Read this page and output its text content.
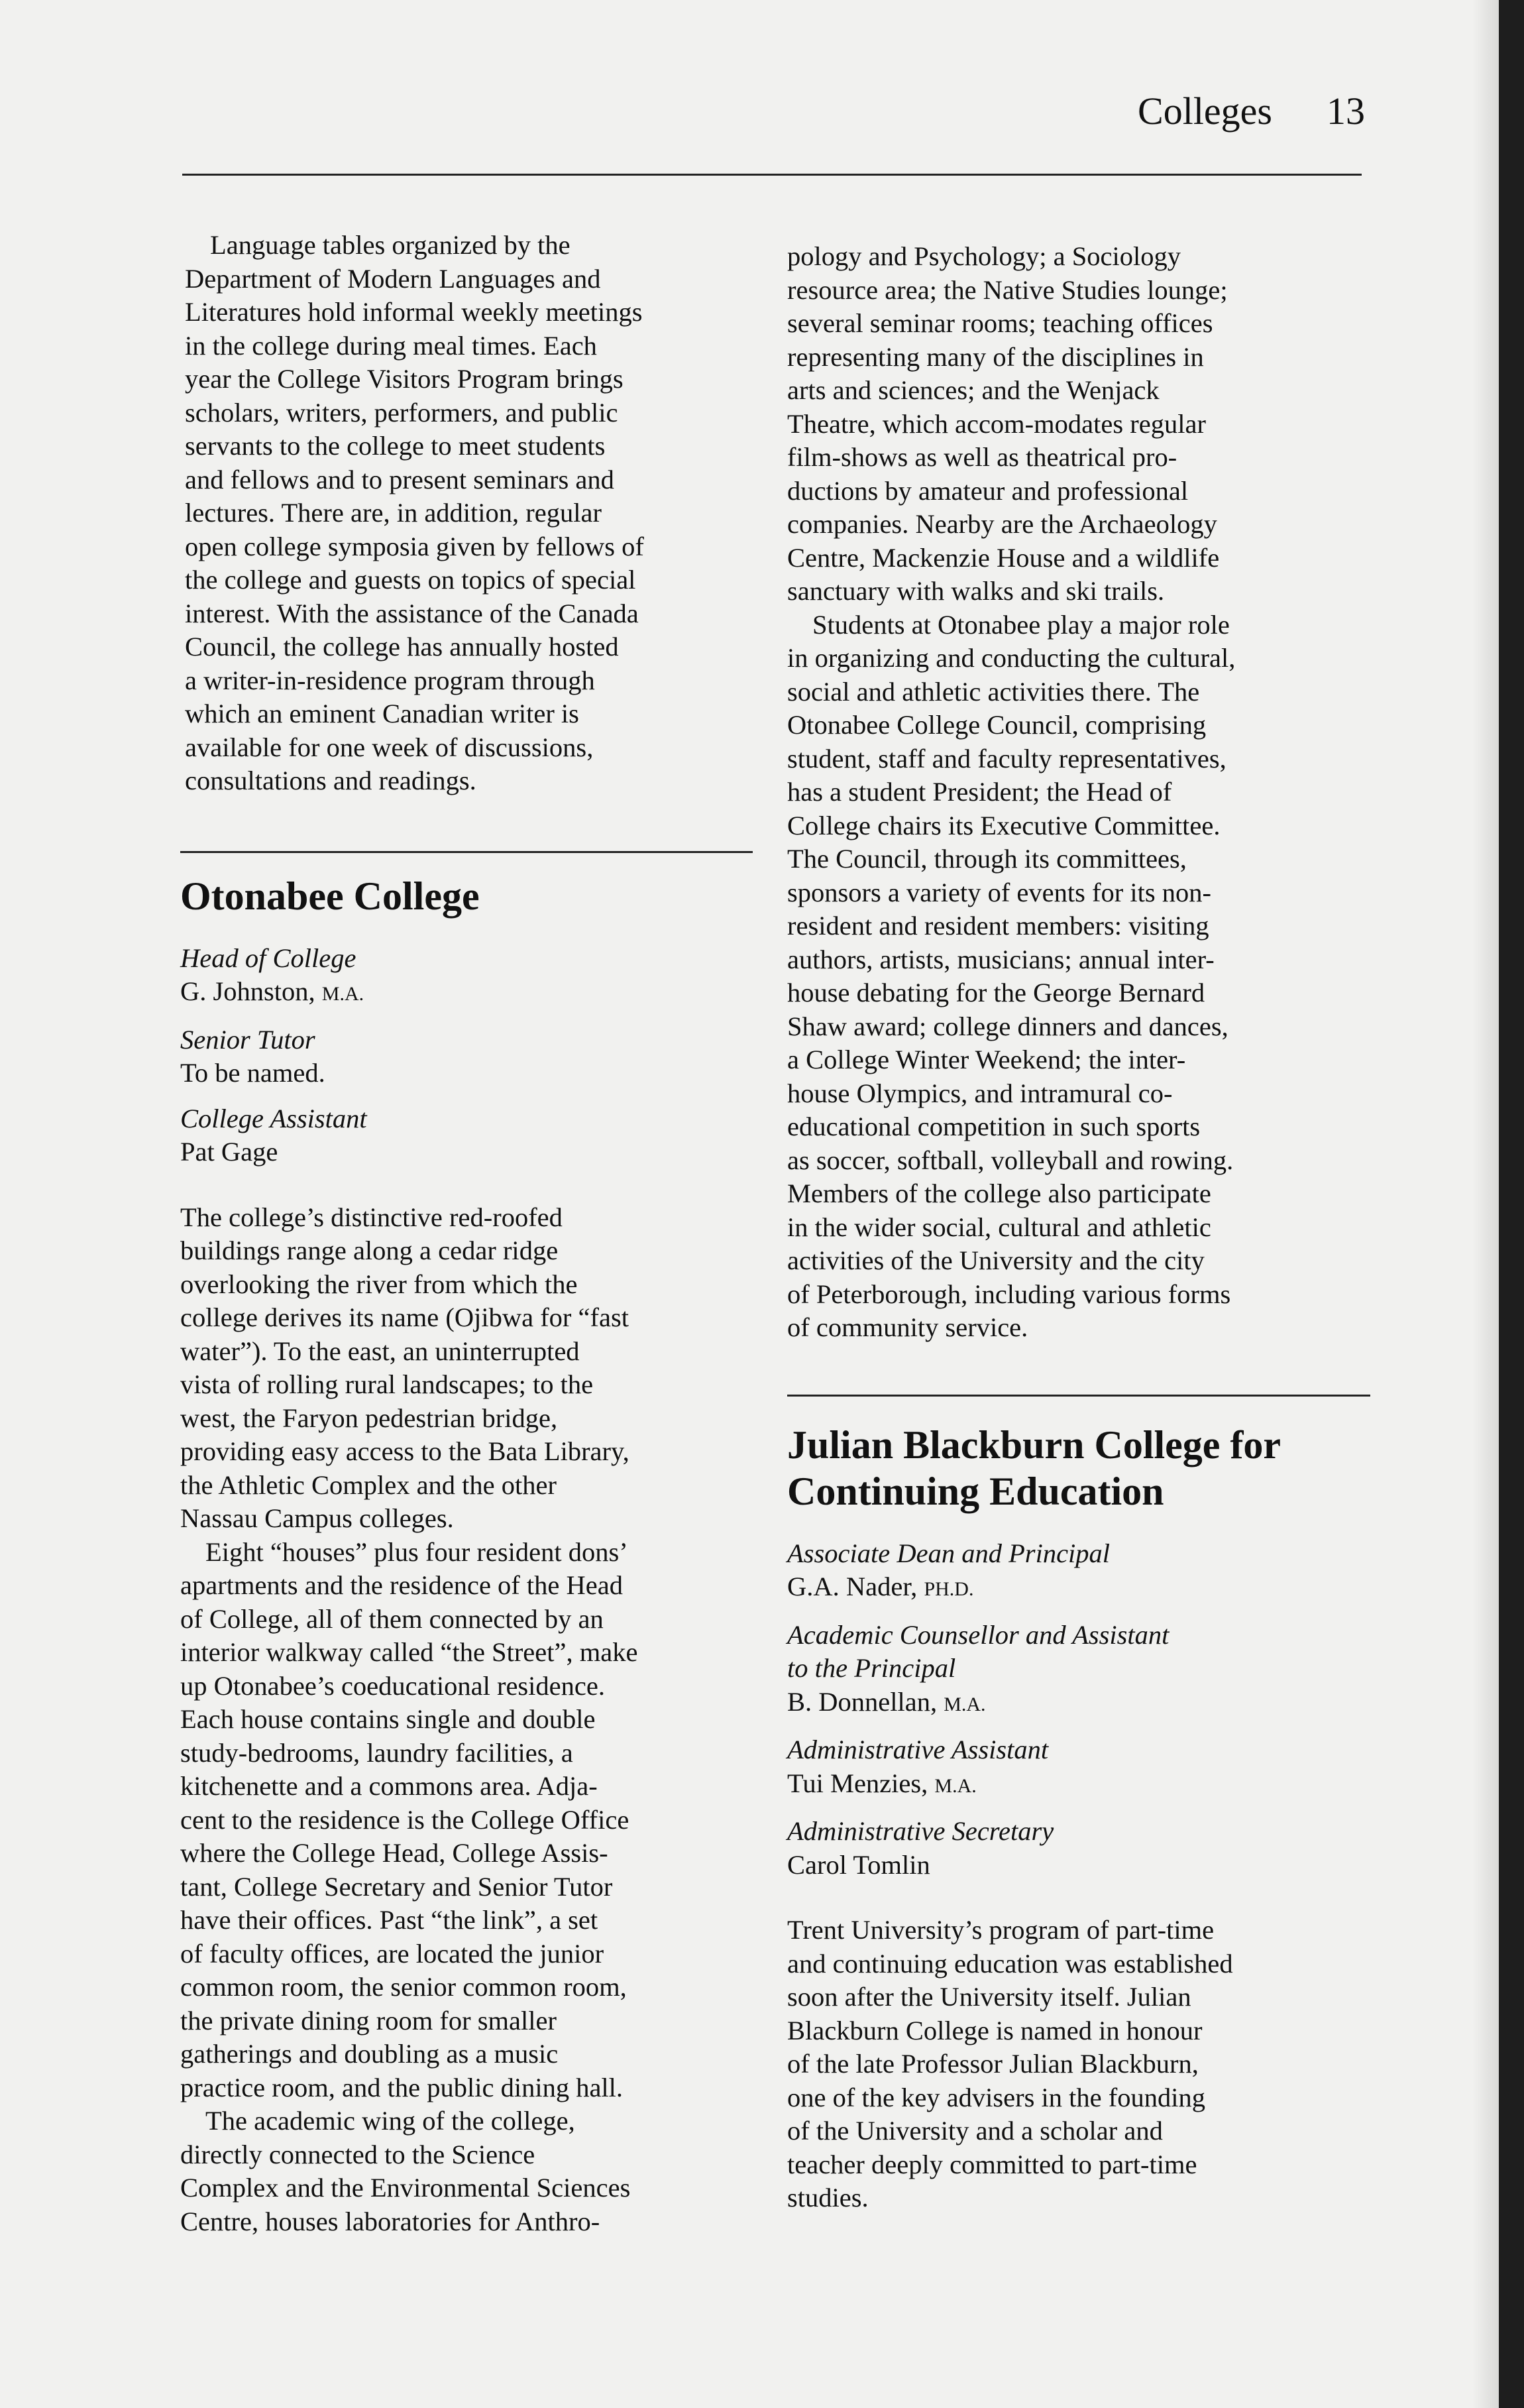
Colleges 13
Language tables organized by the
Department of Modern Languages and
Literatures hold informal weekly meetings
in the college during meal times. Each
year the College Visitors Program brings
scholars, writers, performers, and public
servants to the college to meet students
and fellows and to present seminars and
lectures. There are, in addition, regular
open college symposia given by fellows of
the college and guests on topics of special
interest. With the assistance of the Canada
Council, the college has annually hosted
a writer-in-residence program through
which an eminent Canadian writer is
available for one week of discussions,
consultations and readings.
Otonabee College
Head of College
G. Johnston, M.A.
Senior Tutor
To be named.
College Assistant
Pat Gage
The college’s distinctive red-roofed
buildings range along a cedar ridge
overlooking the river from which the
college derives its name (Ojibwa for “fast
water”). To the east, an uninterrupted
vista of rolling rural landscapes; to the
west, the Faryon pedestrian bridge,
providing easy access to the Bata Library,
the Athletic Complex and the other
Nassau Campus colleges.
Eight “houses” plus four resident dons’
apartments and the residence of the Head
of College, all of them connected by an
interior walkway called “the Street”, make
up Otonabee’s coeducational residence.
Each house contains single and double
study-bedrooms, laundry facilities, a
kitchenette and a commons area. Adja-
cent to the residence is the College Office
where the College Head, College Assis-
tant, College Secretary and Senior Tutor
have their offices. Past “the link”, a set
of faculty offices, are located the junior
common room, the senior common room,
the private dining room for smaller
gatherings and doubling as a music
practice room, and the public dining hall.
The academic wing of the college,
directly connected to the Science
Complex and the Environmental Sciences
Centre, houses laboratories for Anthro-
pology and Psychology; a Sociology
resource area; the Native Studies lounge;
several seminar rooms; teaching offices
representing many of the disciplines in
arts and sciences; and the Wenjack
Theatre, which accom-modates regular
film-shows as well as theatrical pro-
ductions by amateur and professional
companies. Nearby are the Archaeology
Centre, Mackenzie House and a wildlife
sanctuary with walks and ski trails.
Students at Otonabee play a major role
in organizing and conducting the cultural,
social and athletic activities there. The
Otonabee College Council, comprising
student, staff and faculty representatives,
has a student President; the Head of
College chairs its Executive Committee.
The Council, through its committees,
sponsors a variety of events for its non-
resident and resident members: visiting
authors, artists, musicians; annual inter-
house debating for the George Bernard
Shaw award; college dinners and dances,
a College Winter Weekend; the inter-
house Olympics, and intramural co-
educational competition in such sports
as soccer, softball, volleyball and rowing.
Members of the college also participate
in the wider social, cultural and athletic
activities of the University and the city
of Peterborough, including various forms
of community service.
Julian Blackburn College for
Continuing Education
Associate Dean and Principal
G.A. Nader, PH.D.
Academic Counsellor and Assistant
to the Principal
B. Donnellan, M.A.
Administrative Assistant
Tui Menzies, M.A.
Administrative Secretary
Carol Tomlin
Trent University’s program of part-time
and continuing education was established
soon after the University itself. Julian
Blackburn College is named in honour
of the late Professor Julian Blackburn,
one of the key advisers in the founding
of the University and a scholar and
teacher deeply committed to part-time
studies.
